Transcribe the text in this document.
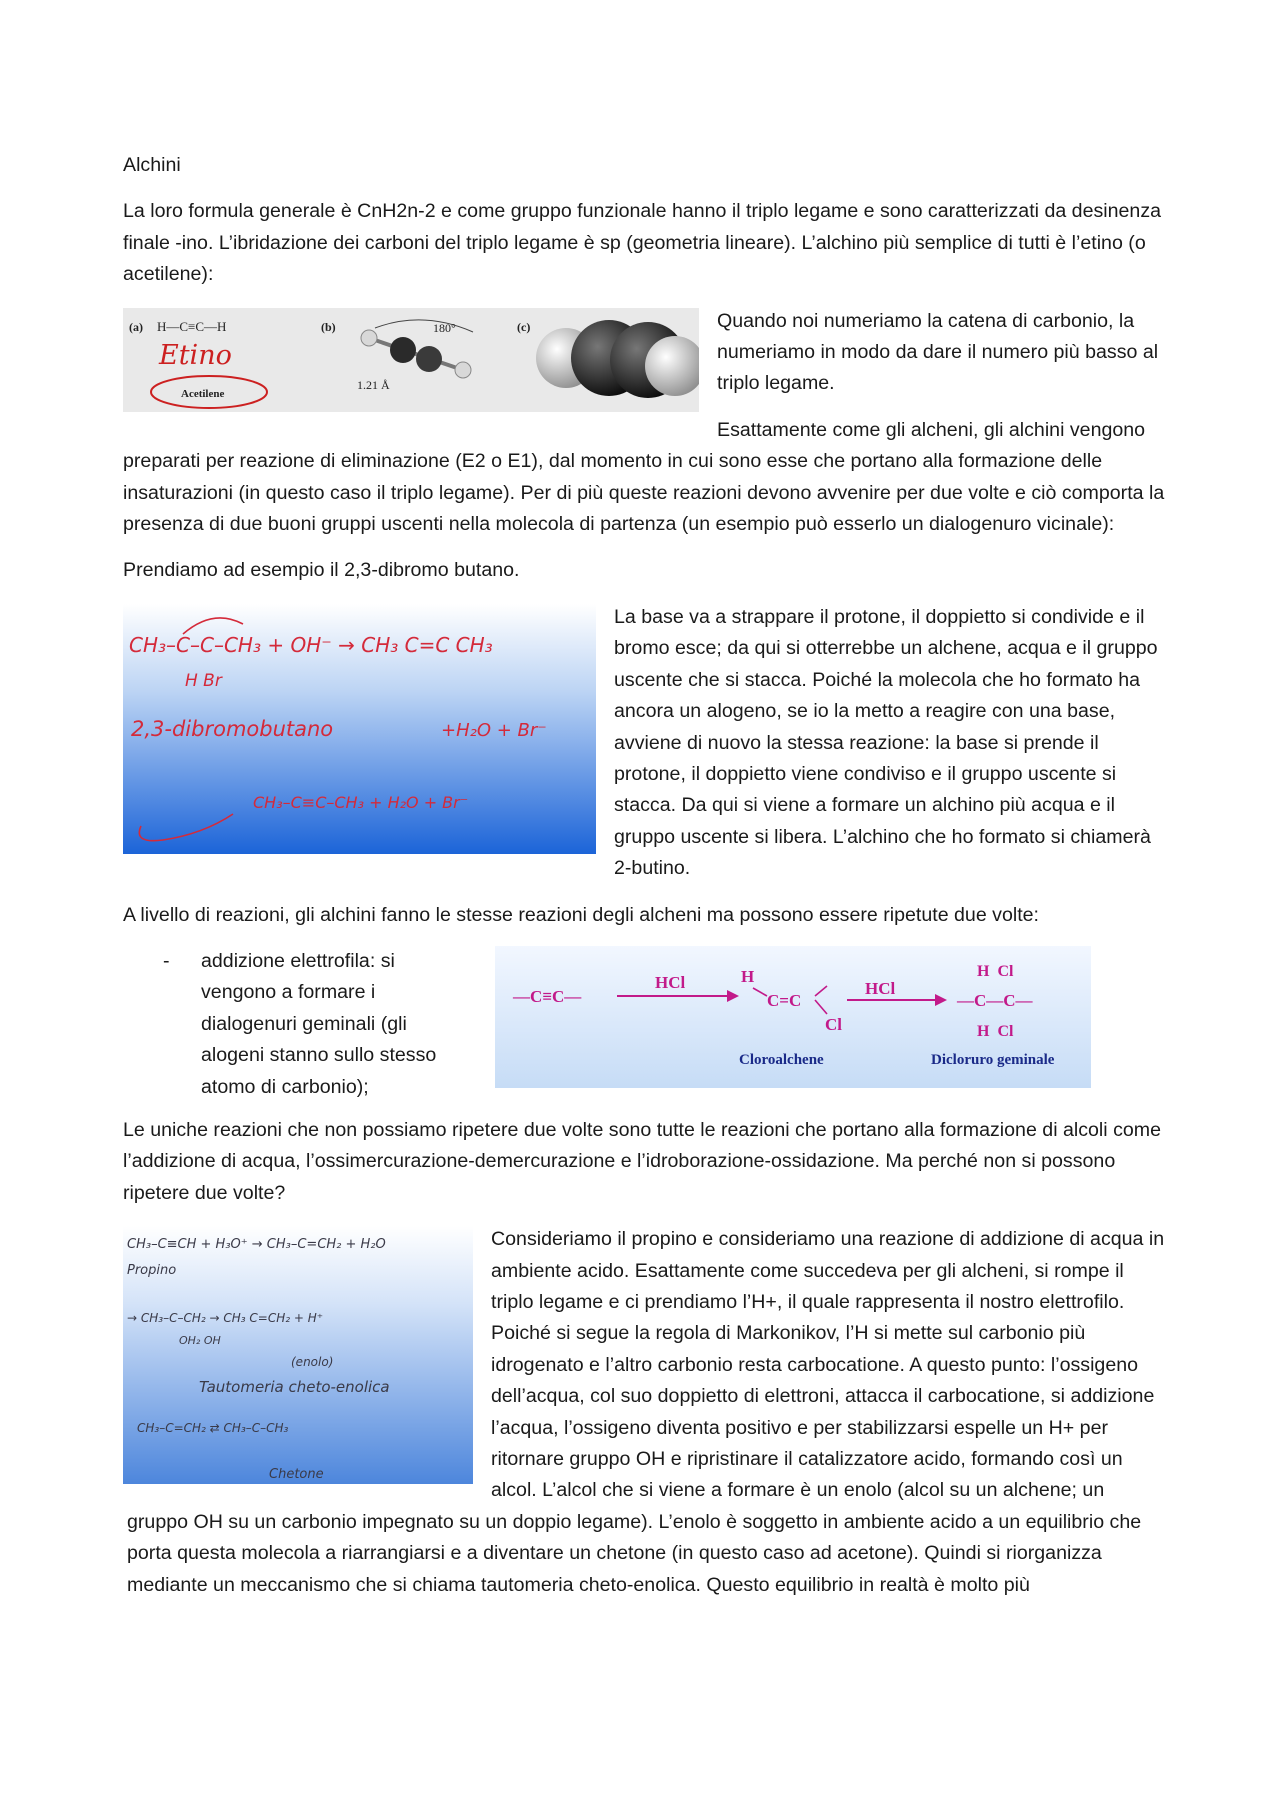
Alchini

La loro formula generale è CnH2n-2 e come gruppo funzionale hanno il triplo legame e sono caratterizzati da desinenza finale -ino. L’ibridazione dei carboni del triplo legame è sp (geometria lineare). L’alchino più semplice di tutti è l’etino (o acetilene):

(a) H—C≡C—H
Etino
Acetilene
(b)	180°
1.21 Å
(c)	Quando noi numeriamo la catena di carbonio, la numeriamo in modo da dare il numero più basso al triplo legame.

Esattamente come gli alcheni, gli alchini vengono preparati per reazione di eliminazione (E2 o E1), dal momento in cui sono esse che portano alla formazione delle insaturazioni (in questo caso il triplo legame). Per di più queste reazioni devono avvenire per due volte e ciò comporta la presenza di due buoni gruppi uscenti nella molecola di partenza (un esempio può esserlo un dialogenuro vicinale):

Prendiamo ad esempio il 2,3-dibromo butano.

CH₃–C–C–CH₃ + OH⁻ → CH₃ C=C CH₃
H Br
2,3-dibromobutano	+H₂O + Br⁻
CH₃–C≡C–CH₃ + H₂O + Br⁻

La base va a strappare il protone, il doppietto si condivide e il bromo esce; da qui si otterrebbe un alchene, acqua e il gruppo uscente che si stacca. Poiché la molecola che ho formato ha ancora un alogeno, se io la metto a reagire con una base, avviene di nuovo la stessa reazione: la base si prende il protone, il doppietto viene condiviso e il gruppo uscente si stacca. Da qui si viene a formare un alchino più acqua e il gruppo uscente si libera. L’alchino che ho formato si chiamerà 2-butino.

A livello di reazioni, gli alchini fanno le stesse reazioni degli alcheni ma possono essere ripetute due volte:

- addizione elettrofila: si vengono a formare i dialogenuri geminali (gli alogeni stanno sullo stesso atomo di carbonio);
—C≡C—
HCl	H
C=C
Cl
HCl
H  Cl
—C—C—
H  Cl
Cloroalchene	Dicloruro geminale

Le uniche reazioni che non possiamo ripetere due volte sono tutte le reazioni che portano alla formazione di alcoli come l’addizione di acqua, l’ossimercurazione-demercurazione e l’idroborazione-ossidazione. Ma perché non si possono ripetere due volte?

CH₃–C≡CH + H₃O⁺ → CH₃–C=CH₂ + H₂O
Propino
→ CH₃–C–CH₂ → CH₃ C=CH₂ + H⁺
OH₂ OH
(enolo)
Tautomeria cheto-enolica
CH₃–C=CH₂ ⇄ CH₃–C–CH₃
Chetone

Consideriamo il propino e consideriamo una reazione di addizione di acqua in ambiente acido. Esattamente come succedeva per gli alcheni, si rompe il triplo legame e ci prendiamo l’H+, il quale rappresenta il nostro elettrofilo. Poiché si segue la regola di Markonikov, l’H si mette sul carbonio più idrogenato e l’altro carbonio resta carbocatione. A questo punto: l’ossigeno dell’acqua, col suo doppietto di elettroni, attacca il carbocatione, si addizione l’acqua, l’ossigeno diventa positivo e per stabilizzarsi espelle un H+ per ritornare gruppo OH e ripristinare il catalizzatore acido, formando così un alcol. L’alcol che si viene a formare è un enolo (alcol su un alchene; un gruppo OH su un carbonio impegnato su un doppio legame). L’enolo è soggetto in ambiente acido a un equilibrio che porta questa molecola a riarrangiarsi e a diventare un chetone (in questo caso ad acetone). Quindi si riorganizza mediante un meccanismo che si chiama tautomeria cheto-enolica. Questo equilibrio in realtà è molto più
